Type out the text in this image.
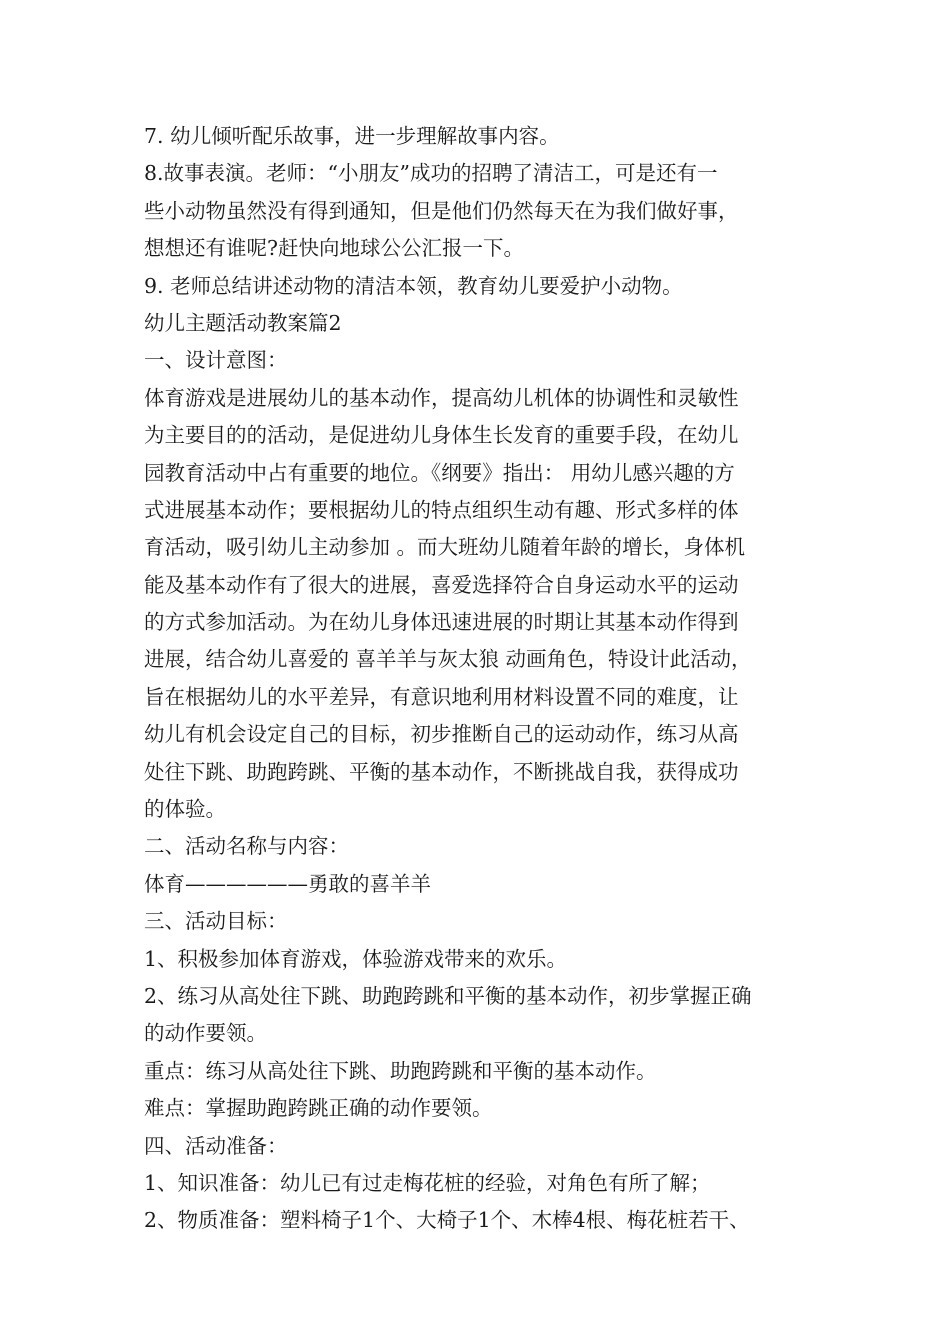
7. 幼儿倾听配乐故事，进一步理解故事内容。
8.故事表演。老师：“小朋友”成功的招聘了清洁工，可是还有一
些小动物虽然没有得到通知，但是他们仍然每天在为我们做好事，
想想还有谁呢?赶快向地球公公汇报一下。
9. 老师总结讲述动物的清洁本领，教育幼儿要爱护小动物。
幼儿主题活动教案篇2
一、设计意图：
体育游戏是进展幼儿的基本动作，提高幼儿机体的协调性和灵敏性
为主要目的的活动，是促进幼儿身体生长发育的重要手段，在幼儿
园教育活动中占有重要的地位。《纲要》指出： 用幼儿感兴趣的方
式进展基本动作；要根据幼儿的特点组织生动有趣、形式多样的体
育活动，吸引幼儿主动参加 。而大班幼儿随着年龄的增长，身体机
能及基本动作有了很大的进展，喜爱选择符合自身运动水平的运动
的方式参加活动。为在幼儿身体迅速进展的时期让其基本动作得到
进展，结合幼儿喜爱的 喜羊羊与灰太狼 动画角色，特设计此活动，
旨在根据幼儿的水平差异，有意识地利用材料设置不同的难度，让
幼儿有机会设定自己的目标，初步推断自己的运动动作，练习从高
处往下跳、助跑跨跳、平衡的基本动作，不断挑战自我，获得成功
的体验。
二、活动名称与内容：
体育——————勇敢的喜羊羊
三、活动目标：
1、积极参加体育游戏，体验游戏带来的欢乐。
2、练习从高处往下跳、助跑跨跳和平衡的基本动作，初步掌握正确
的动作要领。
重点：练习从高处往下跳、助跑跨跳和平衡的基本动作。
难点：掌握助跑跨跳正确的动作要领。
四、活动准备：
1、知识准备：幼儿已有过走梅花桩的经验，对角色有所了解；
2、物质准备：塑料椅子1个、大椅子1个、木棒4根、梅花桩若干、
